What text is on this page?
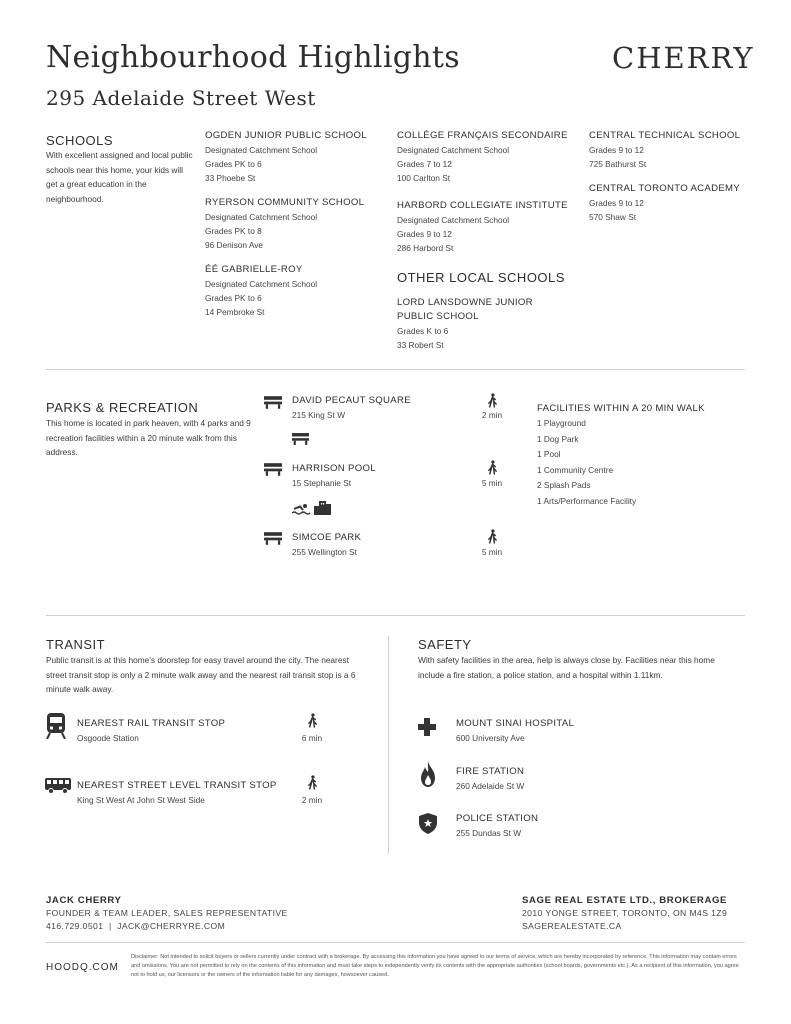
Neighbourhood Highlights
295 Adelaide Street West
CHERRY
SCHOOLS
With excellent assigned and local public schools near this home, your kids will get a great education in the neighbourhood.
OGDEN JUNIOR PUBLIC SCHOOL
Designated Catchment School
Grades PK to 6
33 Phoebe St
RYERSON COMMUNITY SCHOOL
Designated Catchment School
Grades PK to 8
96 Denison Ave
ÉÉ GABRIELLE-ROY
Designated Catchment School
Grades PK to 6
14 Pembroke St
COLLÈGE FRANÇAIS SECONDAIRE
Designated Catchment School
Grades 7 to 12
100 Carlton St
HARBORD COLLEGIATE INSTITUTE
Designated Catchment School
Grades 9 to 12
286 Harbord St
OTHER LOCAL SCHOOLS
LORD LANSDOWNE JUNIOR
PUBLIC SCHOOL
Grades K to 6
33 Robert St
CENTRAL TECHNICAL SCHOOL
Grades 9 to 12
725 Bathurst St
CENTRAL TORONTO ACADEMY
Grades 9 to 12
570 Shaw St
PARKS & RECREATION
This home is located in park heaven, with 4 parks and 9 recreation facilities within a 20 minute walk from this address.
DAVID PECAUT SQUARE
215 King St W	2 min
HARRISON POOL
15 Stephanie St	5 min
SIMCOE PARK
255 Wellington St	5 min
FACILITIES WITHIN A 20 MIN WALK
1 Playground
1 Dog Park
1 Pool
1 Community Centre
2 Splash Pads
1 Arts/Performance Facility
TRANSIT
Public transit is at this home's doorstep for easy travel around the city. The nearest street transit stop is only a 2 minute walk away and the nearest rail transit stop is a 6 minute walk away.
NEAREST RAIL TRANSIT STOP
Osgoode Station	6 min
NEAREST STREET LEVEL TRANSIT STOP
King St West At John St West Side	2 min
SAFETY
With safety facilities in the area, help is always close by. Facilities near this home include a fire station, a police station, and a hospital within 1.11km.
MOUNT SINAI HOSPITAL
600 University Ave
FIRE STATION
260 Adelaide St W
POLICE STATION
255 Dundas St W
JACK CHERRY
FOUNDER & TEAM LEADER, SALES REPRESENTATIVE
416.729.0501  |  JACK@CHERRYRE.COM
SAGE REAL ESTATE LTD., BROKERAGE
2010 YONGE STREET, TORONTO, ON M4S 1Z9
SAGEREALESTATE.CA
HOODQ.COM
Disclaimer: Not intended to solicit buyers or sellers currently under contract with a brokerage. By accessing this information you have agreed to our terms of service, which are hereby incorporated by reference. This information may contain errors and omissions. You are not permitted to rely on the contents of this information and must take steps to independently verify its contents with the appropriate authorities (school boards, governments etc.). As a recipient of this information, you agree not to hold us, our licensors or the owners of the information liable for any damages, howsoever caused.
